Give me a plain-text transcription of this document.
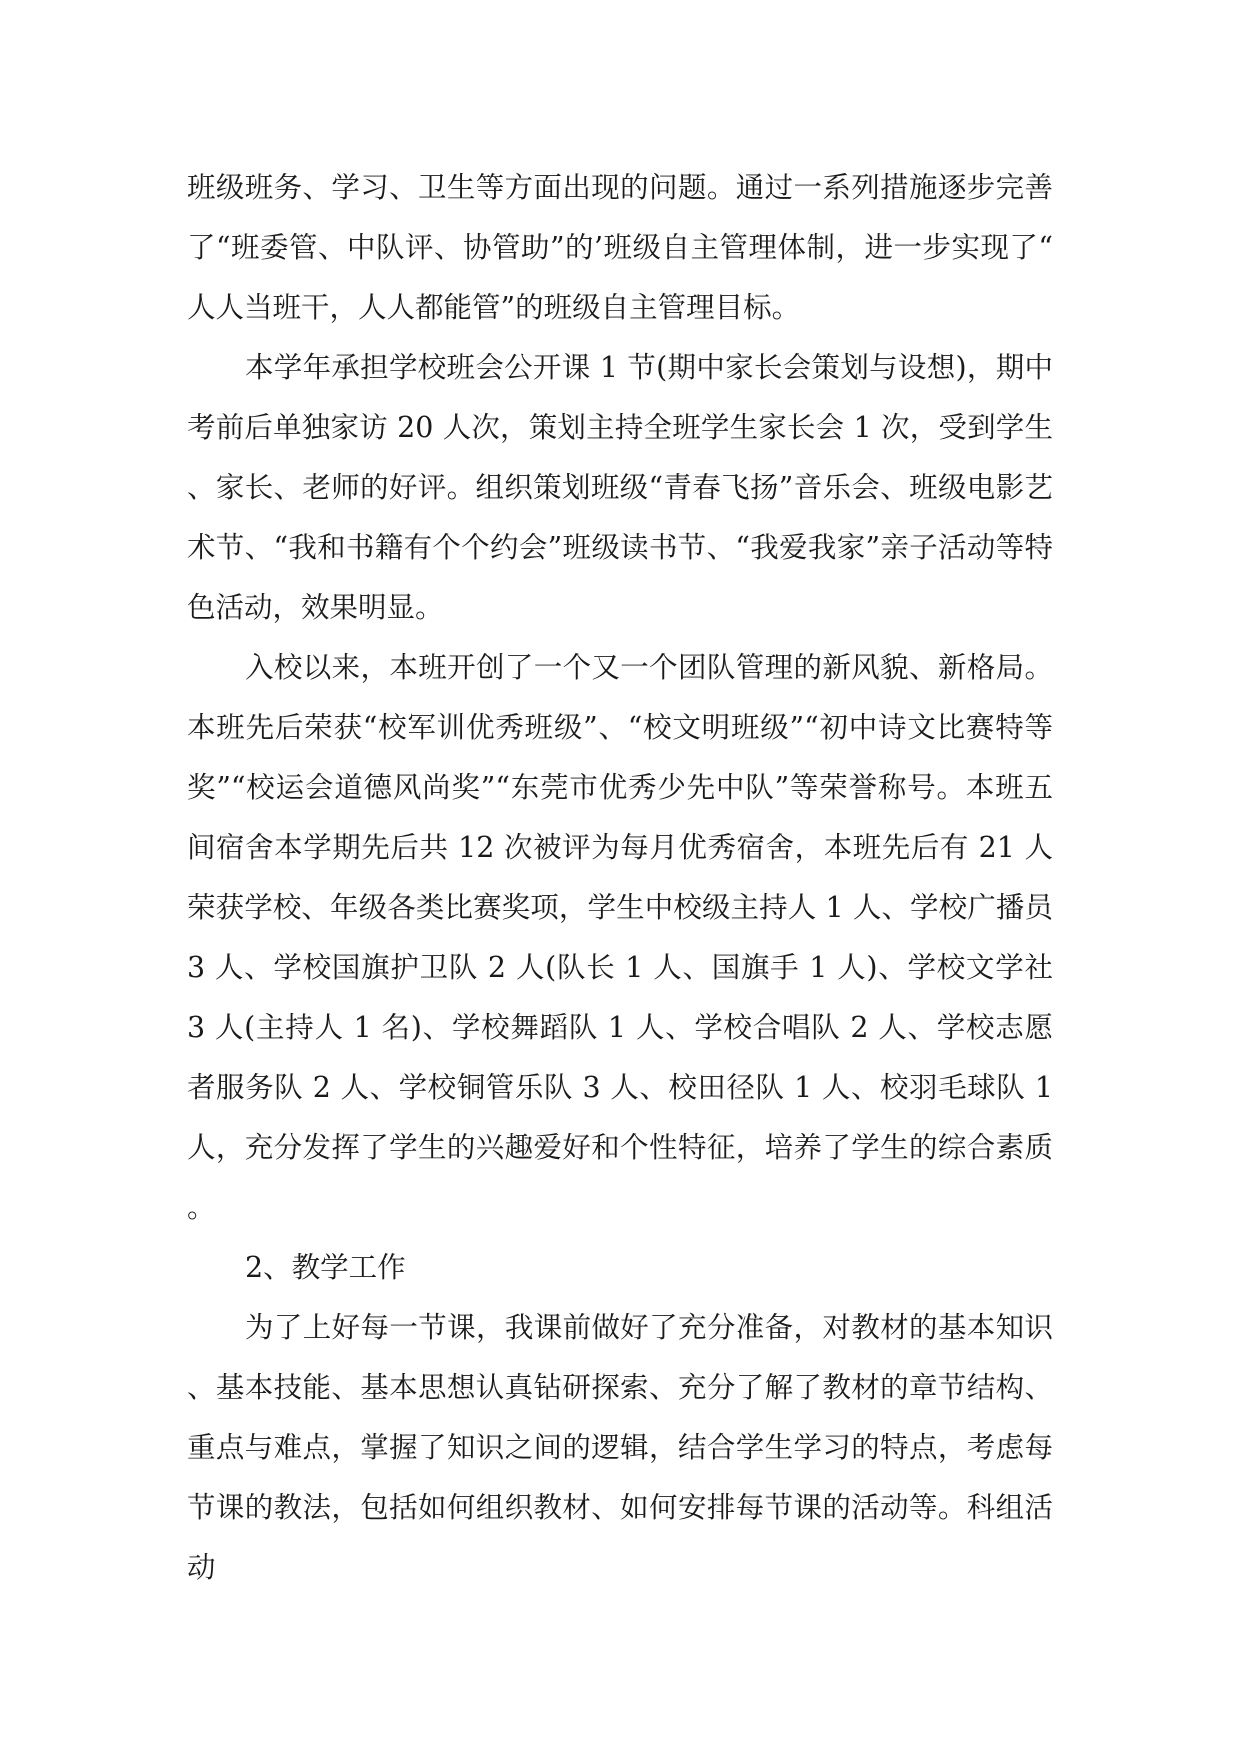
班级班务、学习、卫生等方面出现的问题。通过一系列措施逐步完善了“班委管、中队评、协管助”的’班级自主管理体制，进一步实现了“人人当班干，人人都能管”的班级自主管理目标。

本学年承担学校班会公开课 1 节(期中家长会策划与设想)，期中考前后单独家访 20 人次，策划主持全班学生家长会 1 次，受到学生、家长、老师的好评。组织策划班级“青春飞扬”音乐会、班级电影艺术节、“我和书籍有个个约会”班级读书节、“我爱我家”亲子活动等特色活动，效果明显。

入校以来，本班开创了一个又一个团队管理的新风貌、新格局。本班先后荣获“校军训优秀班级”、“校文明班级”“初中诗文比赛特等奖”“校运会道德风尚奖”“东莞市优秀少先中队”等荣誉称号。本班五间宿舍本学期先后共 12 次被评为每月优秀宿舍，本班先后有 21 人荣获学校、年级各类比赛奖项，学生中校级主持人 1 人、学校广播员 3 人、学校国旗护卫队 2 人(队长 1 人、国旗手 1 人)、学校文学社 3 人(主持人 1 名)、学校舞蹈队 1 人、学校合唱队 2 人、学校志愿者服务队 2 人、学校铜管乐队 3 人、校田径队 1 人、校羽毛球队 1 人，充分发挥了学生的兴趣爱好和个性特征，培养了学生的综合素质。

2、教学工作

为了上好每一节课，我课前做好了充分准备，对教材的基本知识、基本技能、基本思想认真钻研探索、充分了解了教材的章节结构、重点与难点，掌握了知识之间的逻辑，结合学生学习的特点，考虑每节课的教法，包括如何组织教材、如何安排每节课的活动等。科组活动
